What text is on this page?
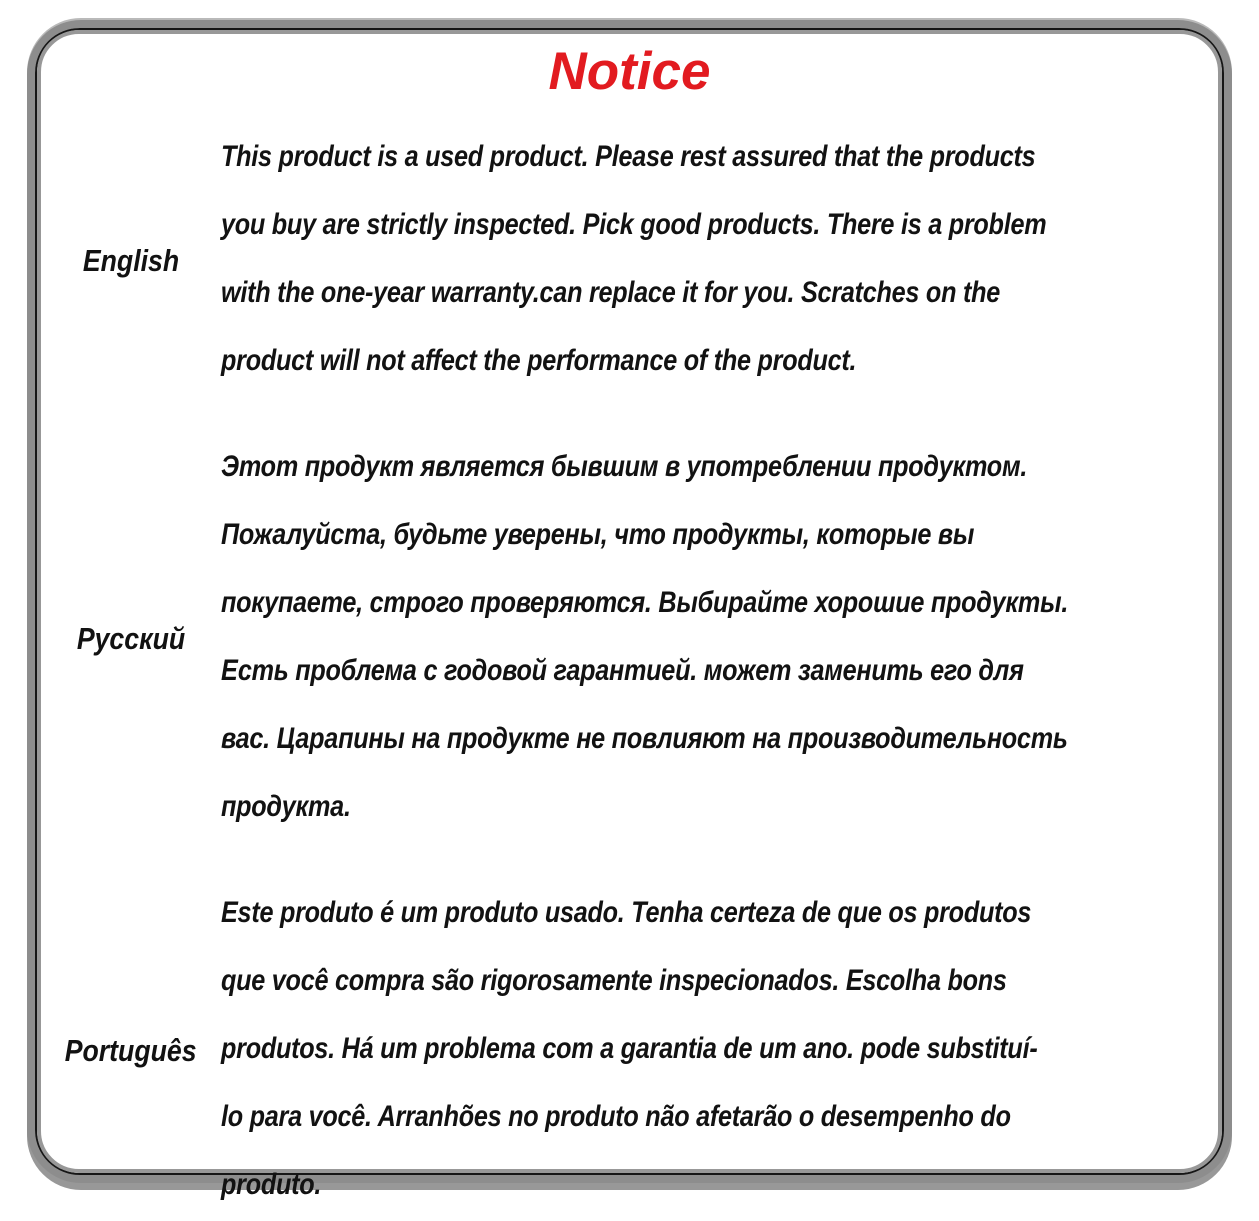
Notice
English
This product is a used product. Please rest assured that the products
you buy are strictly inspected. Pick good products. There is a problem
with the one-year warranty.can replace it for you. Scratches on the
product will not affect the performance of the product.
Русский
Этот продукт является бывшим в употреблении продуктом.
Пожалуйста, будьте уверены, что продукты, которые вы
покупаете, строго проверяются. Выбирайте хорошие продукты.
Есть проблема с годовой гарантией. может заменить его для
вас. Царапины на продукте не повлияют на производительность
продукта.
Português
Este produto é um produto usado. Tenha certeza de que os produtos
que você compra são rigorosamente inspecionados. Escolha bons
produtos. Há um problema com a garantia de um ano. pode substituí-
lo para você. Arranhões no produto não afetarão o desempenho do
produto.
